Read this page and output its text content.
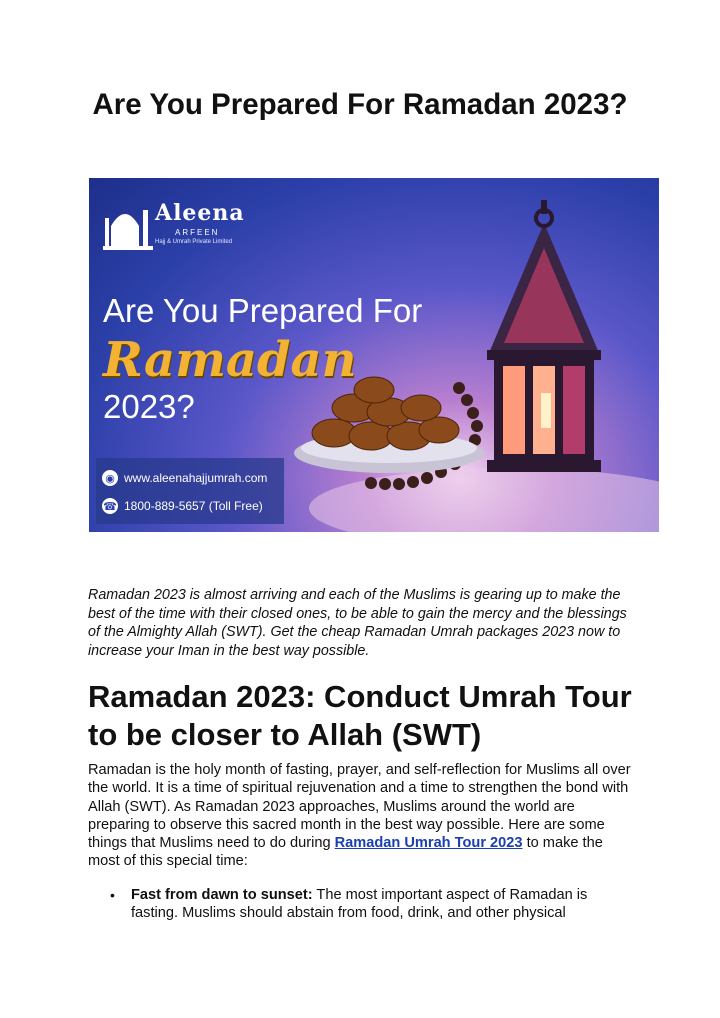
Are You Prepared For Ramadan 2023?
Aleena
ARFEEN
Hajj & Umrah Private Limited
Are You Prepared For
Ramadan
2023?
◉ www.aleenahajjumrah.com
☎ 1800-889-5657 (Toll Free)

Ramadan 2023 is almost arriving and each of the Muslims is gearing up to make the best of the time with their closed ones, to be able to gain the mercy and the blessings of the Almighty Allah (SWT). Get the cheap Ramadan Umrah packages 2023 now to increase your Iman in the best way possible.

Ramadan 2023: Conduct Umrah Tour to be closer to Allah (SWT)

Ramadan is the holy month of fasting, prayer, and self-reflection for Muslims all over the world. It is a time of spiritual rejuvenation and a time to strengthen the bond with Allah (SWT). As Ramadan 2023 approaches, Muslims around the world are preparing to observe this sacred month in the best way possible. Here are some things that Muslims need to do during Ramadan Umrah Tour 2023 to make the most of this special time:

• Fast from dawn to sunset: The most important aspect of Ramadan is fasting. Muslims should abstain from food, drink, and other physical
